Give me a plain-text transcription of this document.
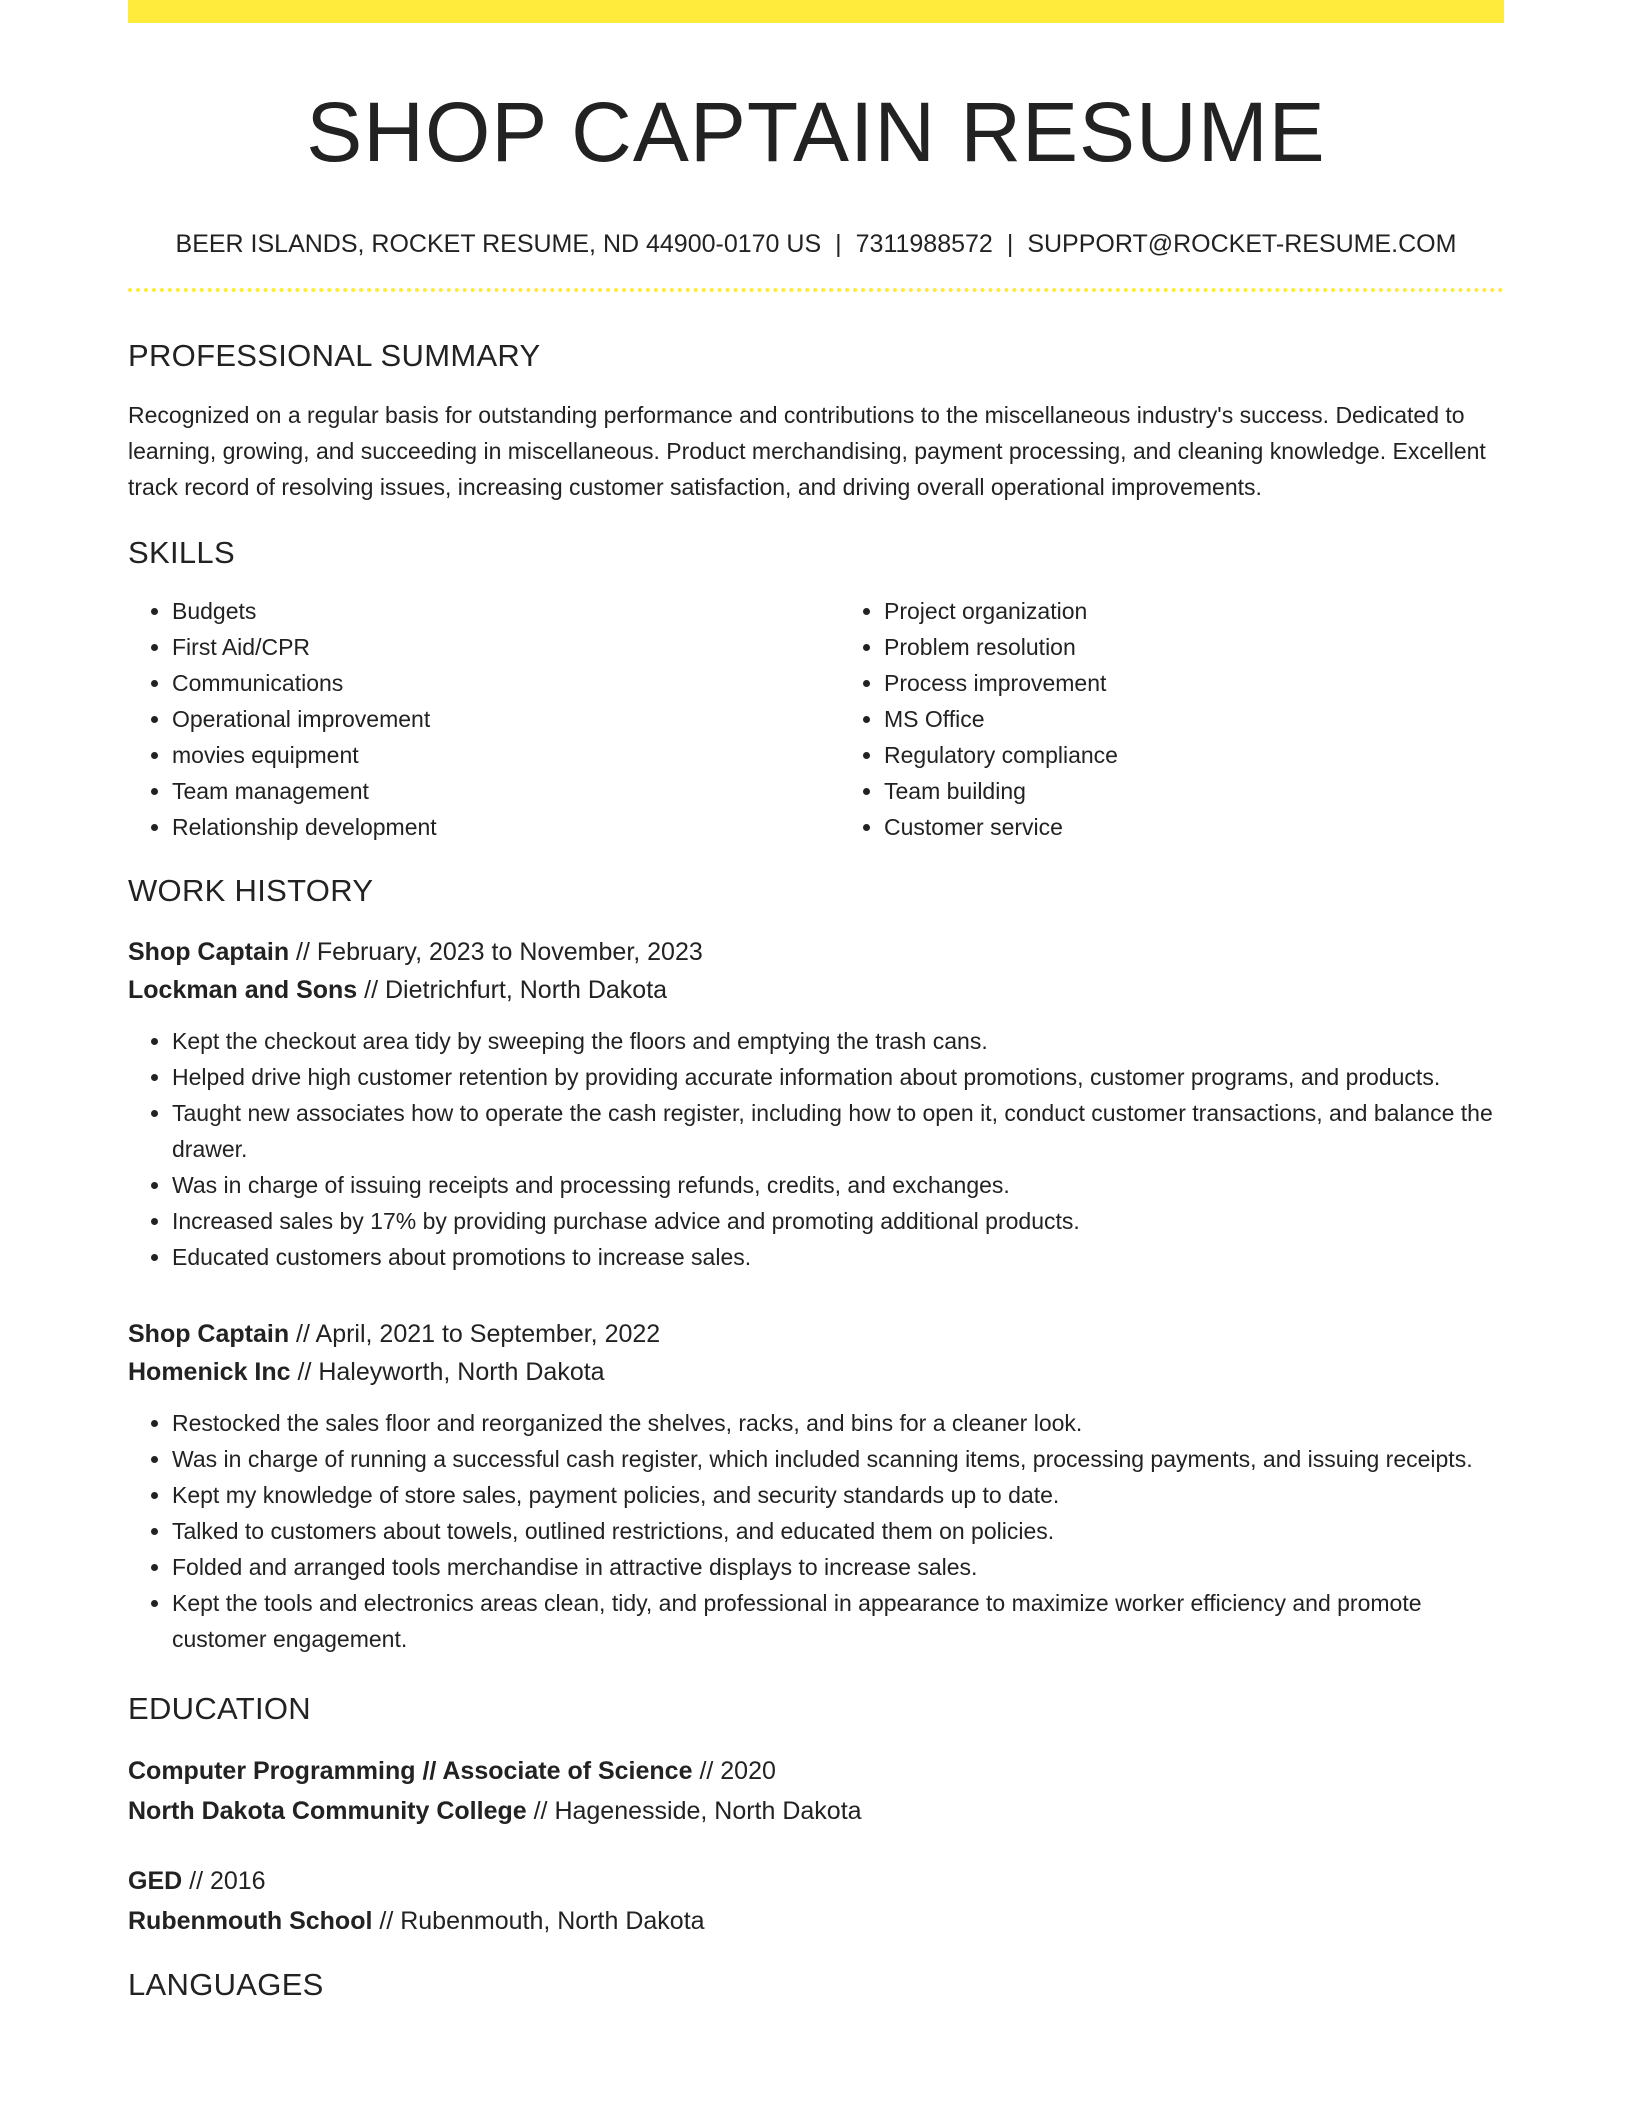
SHOP CAPTAIN RESUME
BEER ISLANDS, ROCKET RESUME, ND 44900-0170 US | 7311988572 | SUPPORT@ROCKET-RESUME.COM
PROFESSIONAL SUMMARY
Recognized on a regular basis for outstanding performance and contributions to the miscellaneous industry's success. Dedicated to learning, growing, and succeeding in miscellaneous. Product merchandising, payment processing, and cleaning knowledge. Excellent track record of resolving issues, increasing customer satisfaction, and driving overall operational improvements.
SKILLS
• Budgets
• First Aid/CPR
• Communications
• Operational improvement
• movies equipment
• Team management
• Relationship development
• Project organization
• Problem resolution
• Process improvement
• MS Office
• Regulatory compliance
• Team building
• Customer service
WORK HISTORY
Shop Captain // February, 2023 to November, 2023
Lockman and Sons // Dietrichfurt, North Dakota
• Kept the checkout area tidy by sweeping the floors and emptying the trash cans.
• Helped drive high customer retention by providing accurate information about promotions, customer programs, and products.
• Taught new associates how to operate the cash register, including how to open it, conduct customer transactions, and balance the drawer.
• Was in charge of issuing receipts and processing refunds, credits, and exchanges.
• Increased sales by 17% by providing purchase advice and promoting additional products.
• Educated customers about promotions to increase sales.
Shop Captain // April, 2021 to September, 2022
Homenick Inc // Haleyworth, North Dakota
• Restocked the sales floor and reorganized the shelves, racks, and bins for a cleaner look.
• Was in charge of running a successful cash register, which included scanning items, processing payments, and issuing receipts.
• Kept my knowledge of store sales, payment policies, and security standards up to date.
• Talked to customers about towels, outlined restrictions, and educated them on policies.
• Folded and arranged tools merchandise in attractive displays to increase sales.
• Kept the tools and electronics areas clean, tidy, and professional in appearance to maximize worker efficiency and promote customer engagement.
EDUCATION
Computer Programming // Associate of Science // 2020
North Dakota Community College // Hagenesside, North Dakota
GED // 2016
Rubenmouth School // Rubenmouth, North Dakota
LANGUAGES
